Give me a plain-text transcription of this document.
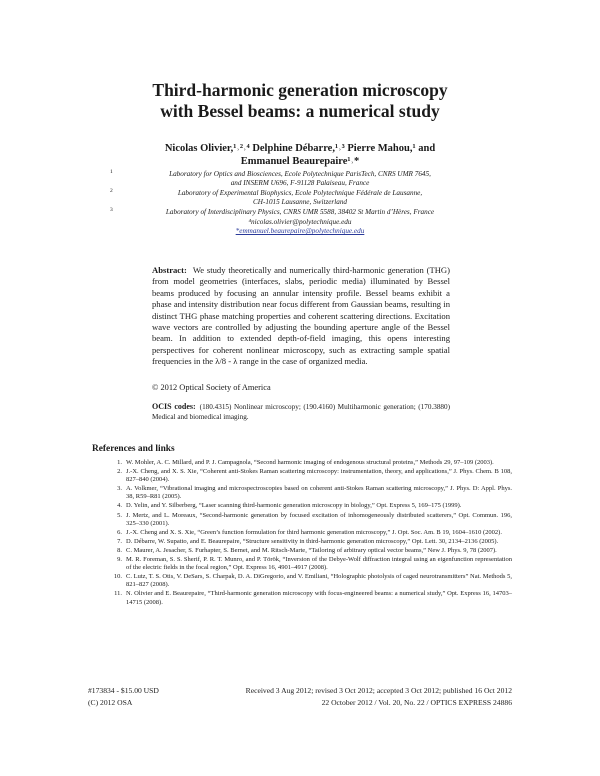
Third-harmonic generation microscopy
with Bessel beams: a numerical study
Nicolas Olivier,¹˒²˒⁴ Delphine Débarre,¹˒³ Pierre Mahou,¹ and
Emmanuel Beaurepaire¹˒*
1	Laboratory for Optics and Biosciences, Ecole Polytechnique ParisTech, CNRS UMR 7645,
and INSERM U696, F-91128 Palaiseau, France
2	Laboratory of Experimental Biophysics, Ecole Polytechnique Fédérale de Lausanne,
CH-1015 Lausanne, Switzerland
3	Laboratory of Interdisciplinary Physics, CNRS UMR 5588, 38402 St Martin d’Hères, France
⁴nicolas.olivier@polytechnique.edu
*emmanuel.beaurepaire@polytechnique.edu
Abstract: We study theoretically and numerically third-harmonic generation (THG) from model geometries (interfaces, slabs, periodic media) illuminated by Bessel beams produced by focusing an annular intensity profile. Bessel beams exhibit a phase and intensity distribution near focus different from Gaussian beams, resulting in distinct THG phase matching properties and coherent scattering directions. Excitation wave vectors are controlled by adjusting the bounding aperture angle of the Bessel beam. In addition to extended depth-of-field imaging, this opens interesting perspectives for coherent nonlinear microscopy, such as extracting sample spatial frequencies in the λ/8 - λ range in the case of organized media.
© 2012 Optical Society of America
OCIS codes: (180.4315) Nonlinear microscopy; (190.4160) Multiharmonic generation; (170.3880) Medical and biomedical imaging.
References and links
1. W. Mohler, A. C. Millard, and P. J. Campagnola, “Second harmonic imaging of endogenous structural proteins,” Methods 29, 97–109 (2003).
2. J.-X. Cheng, and X. S. Xie, “Coherent anti-Stokes Raman scattering microscopy: instrumentation, theory, and applications,” J. Phys. Chem. B 108, 827–840 (2004).
3. A. Volkmer, “Vibrational imaging and microspectroscopies based on coherent anti-Stokes Raman scattering microscopy,” J. Phys. D: Appl. Phys. 38, R59–R81 (2005).
4. D. Yelin, and Y. Silberberg, “Laser scanning third-harmonic generation microscopy in biology,” Opt. Express 5, 169–175 (1999).
5. J. Mertz, and L. Moreaux, “Second-harmonic generation by focused excitation of inhomogeneously distributed scatterers,” Opt. Commun. 196, 325–330 (2001).
6. J.-X. Cheng and X. S. Xie, “Green’s function formulation for third harmonic generation microscopy,” J. Opt. Soc. Am. B 19, 1604–1610 (2002).
7. D. Débarre, W. Supatto, and E. Beaurepaire, “Structure sensitivity in third-harmonic generation microscopy,” Opt. Lett. 30, 2134–2136 (2005).
8. C. Maurer, A. Jesacher, S. Furhapter, S. Bernet, and M. Ritsch-Marte, “Tailoring of arbitrary optical vector beams,” New J. Phys. 9, 78 (2007).
9. M. R. Foreman, S. S. Sherif, P. R. T. Munro, and P. Török, “Inversion of the Debye-Wolf diffraction integral using an eigenfunction representation of the electric fields in the focal region,” Opt. Express 16, 4901–4917 (2008).
10. C. Lutz, T. S. Otis, V. DeSars, S. Charpak, D. A. DiGregorio, and V. Emiliani, “Holographic photolysis of caged neurotransmitters” Nat. Methods 5, 821–827 (2008).
11. N. Olivier and E. Beaurepaire, “Third-harmonic generation microscopy with focus-engineered beams: a numerical study,” Opt. Express 16, 14703–14715 (2008).
#173834 - $15.00 USD	Received 3 Aug 2012; revised 3 Oct 2012; accepted 3 Oct 2012; published 16 Oct 2012
(C) 2012 OSA	22 October 2012 / Vol. 20, No. 22 / OPTICS EXPRESS 24886
